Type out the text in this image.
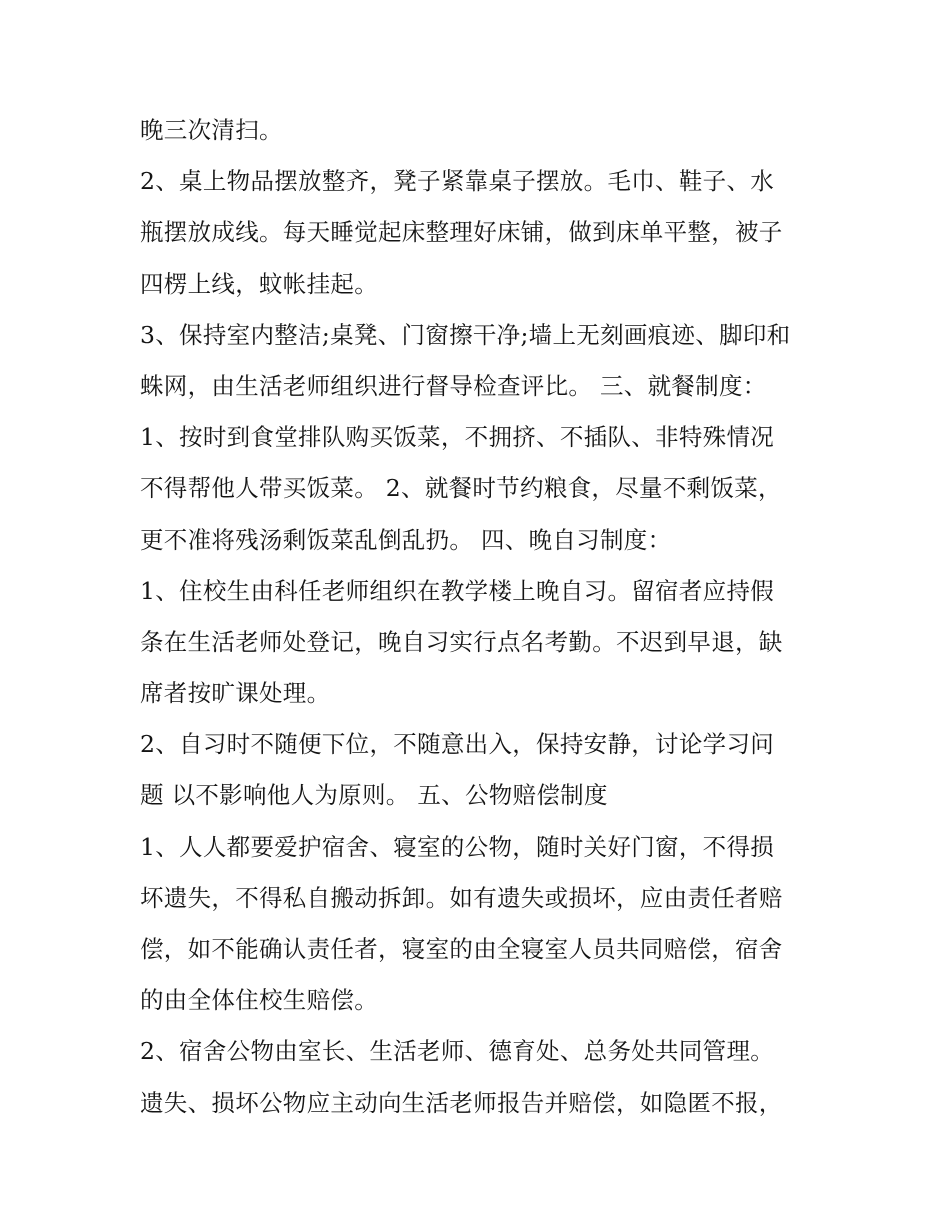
晚三次清扫。
2、桌上物品摆放整齐，凳子紧靠桌子摆放。毛巾、鞋子、水
瓶摆放成线。每天睡觉起床整理好床铺，做到床单平整，被子
四楞上线，蚊帐挂起。
3、保持室内整洁;桌凳、门窗擦干净;墙上无刻画痕迹、脚印和
蛛网，由生活老师组织进行督导检查评比。 三、就餐制度：
1、按时到食堂排队购买饭菜，不拥挤、不插队、非特殊情况
不得帮他人带买饭菜。 2、就餐时节约粮食，尽量不剩饭菜，
更不准将残汤剩饭菜乱倒乱扔。 四、晚自习制度：
1、住校生由科任老师组织在教学楼上晚自习。留宿者应持假
条在生活老师处登记，晚自习实行点名考勤。不迟到早退，缺
席者按旷课处理。
2、自习时不随便下位，不随意出入，保持安静，讨论学习问
题 以不影响他人为原则。 五、公物赔偿制度
1、人人都要爱护宿舍、寝室的公物，随时关好门窗，不得损
坏遗失，不得私自搬动拆卸。如有遗失或损坏，应由责任者赔
偿，如不能确认责任者，寝室的由全寝室人员共同赔偿，宿舍
的由全体住校生赔偿。
2、宿舍公物由室长、生活老师、德育处、总务处共同管理。
遗失、损坏公物应主动向生活老师报告并赔偿，如隐匿不报，
